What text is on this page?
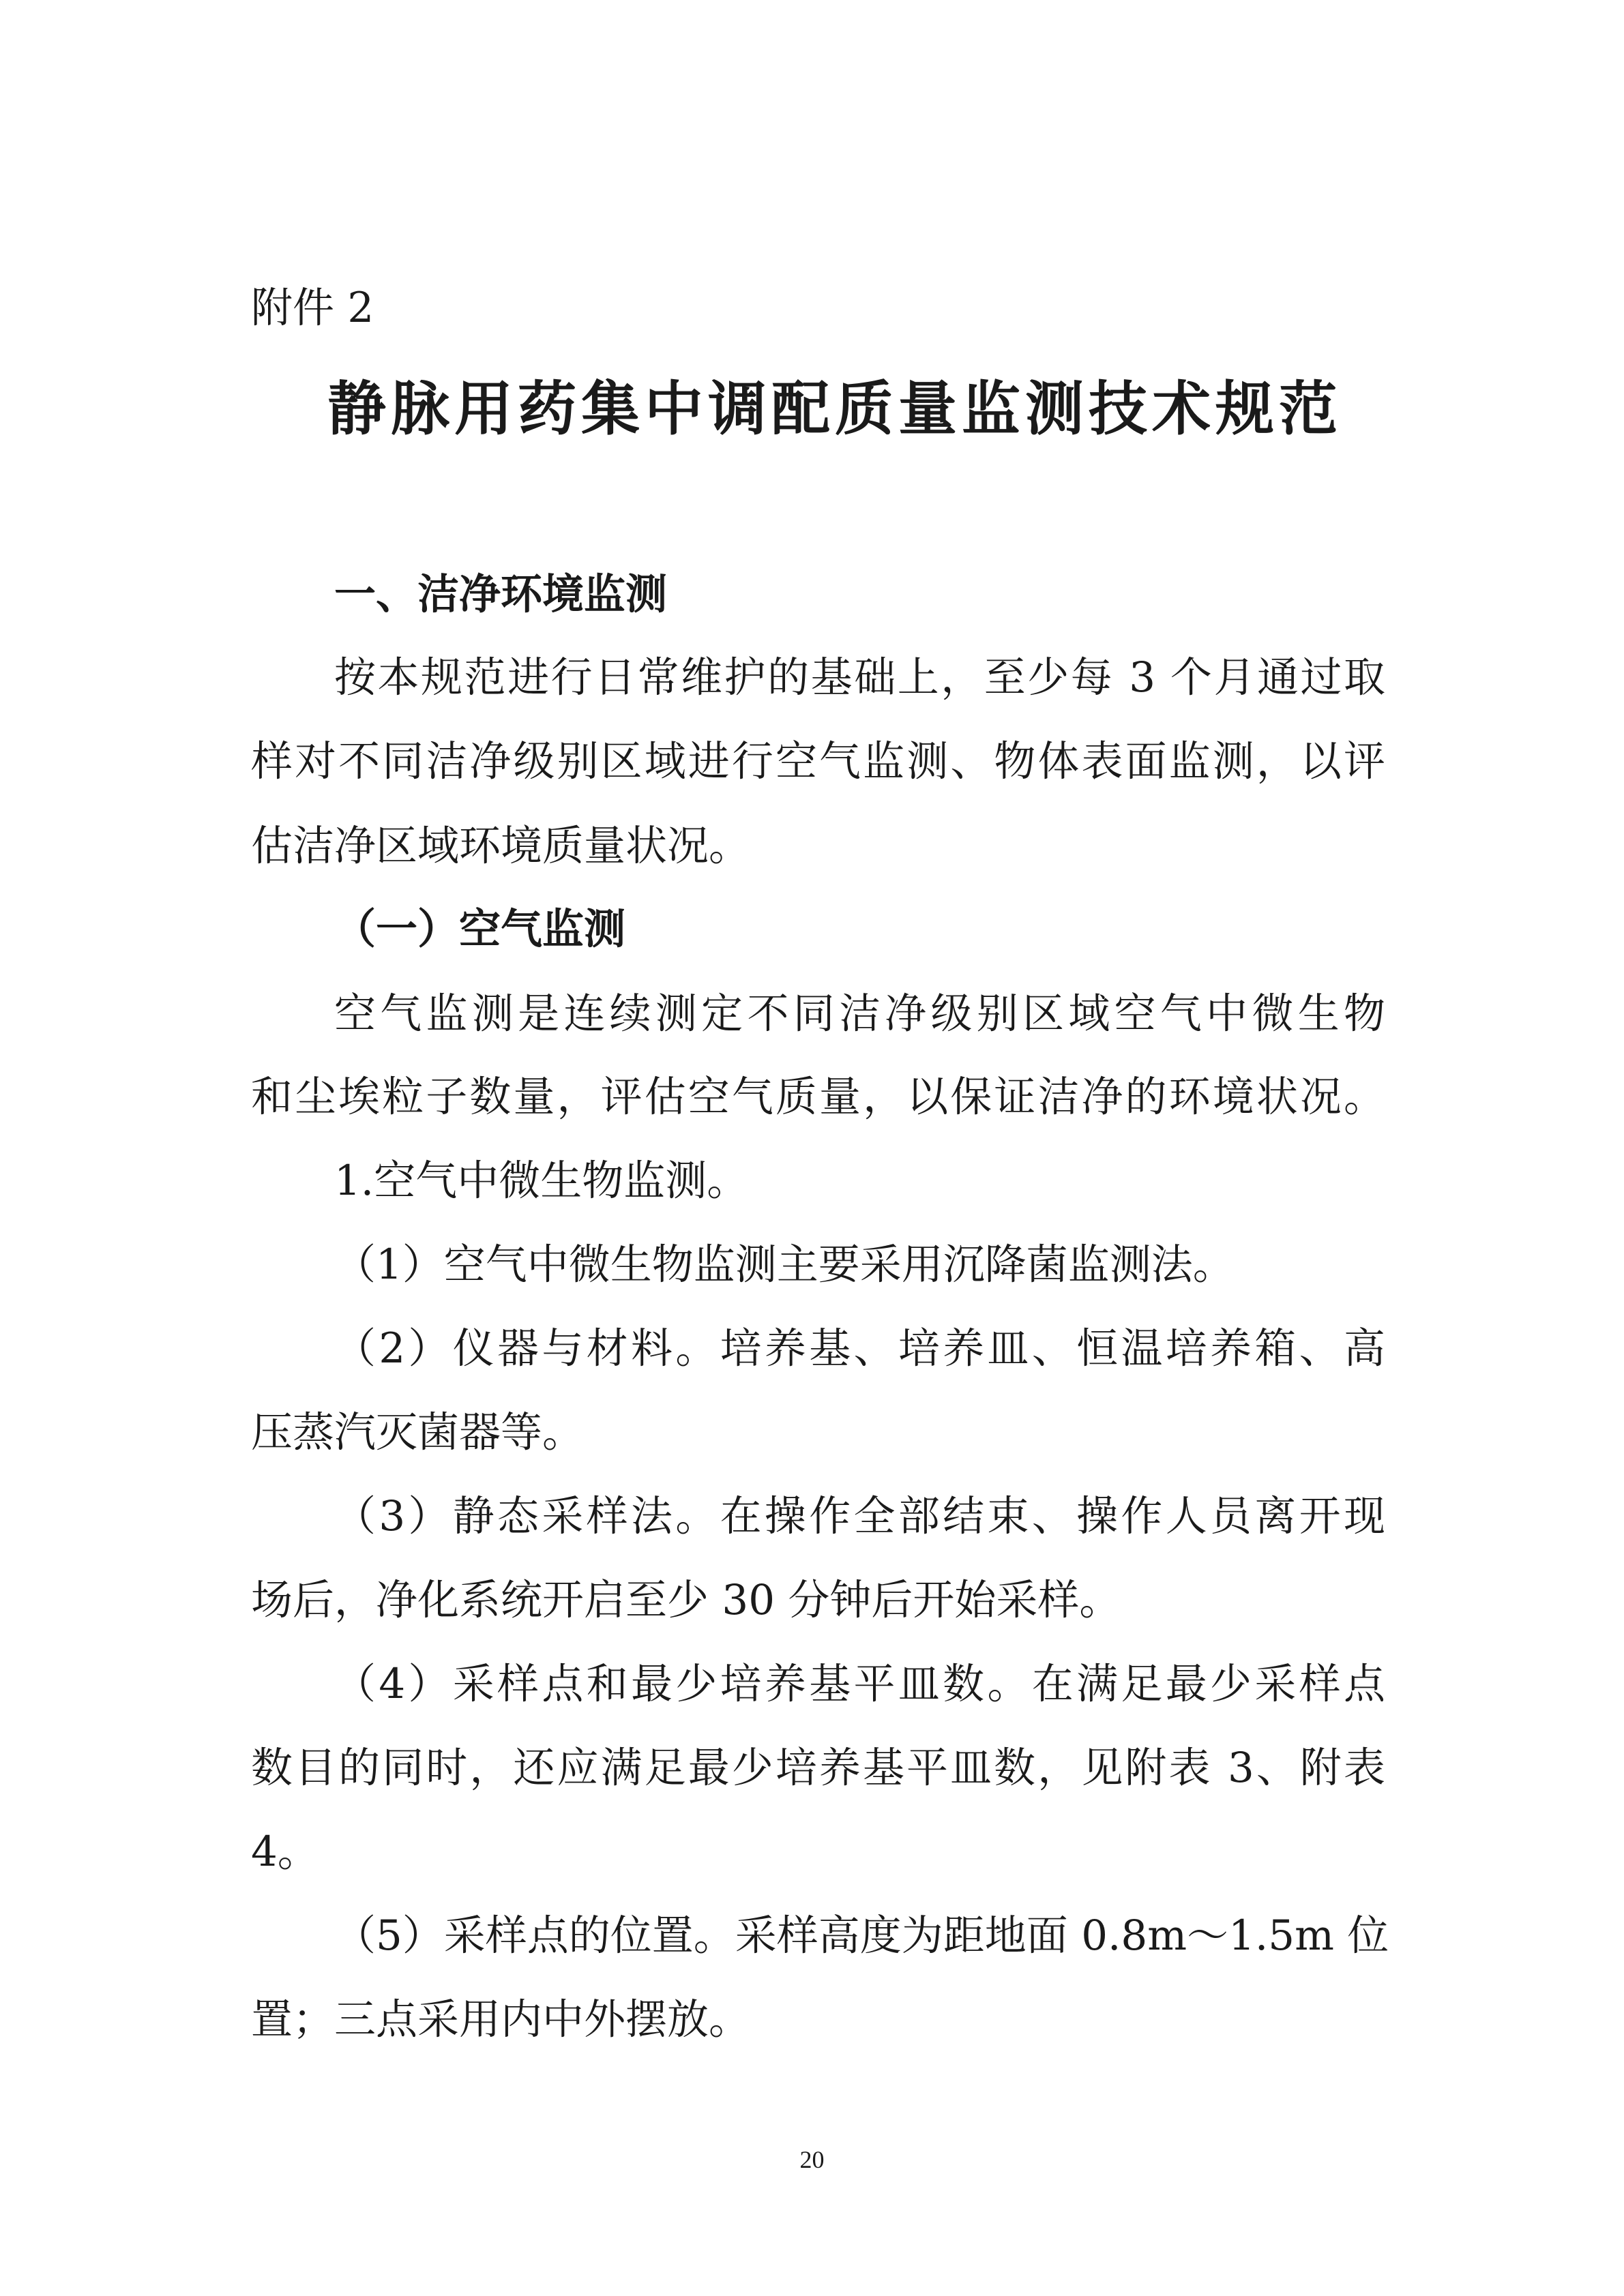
附件 2

静脉用药集中调配质量监测技术规范

一、洁净环境监测

按本规范进行日常维护的基础上，至少每 3 个月通过取

样对不同洁净级别区域进行空气监测、物体表面监测，以评

估洁净区域环境质量状况。

（一）空气监测

空气监测是连续测定不同洁净级别区域空气中微生物

和尘埃粒子数量，评估空气质量，以保证洁净的环境状况。

1.空气中微生物监测。

（1）空气中微生物监测主要采用沉降菌监测法。

（2）仪器与材料。培养基、培养皿、恒温培养箱、高

压蒸汽灭菌器等。

（3）静态采样法。在操作全部结束、操作人员离开现

场后，净化系统开启至少 30 分钟后开始采样。

（4）采样点和最少培养基平皿数。在满足最少采样点

数目的同时，还应满足最少培养基平皿数，见附表 3、附表

4。

（5）采样点的位置。采样高度为距地面 0.8m～1.5m 位

置；三点采用内中外摆放。

20
